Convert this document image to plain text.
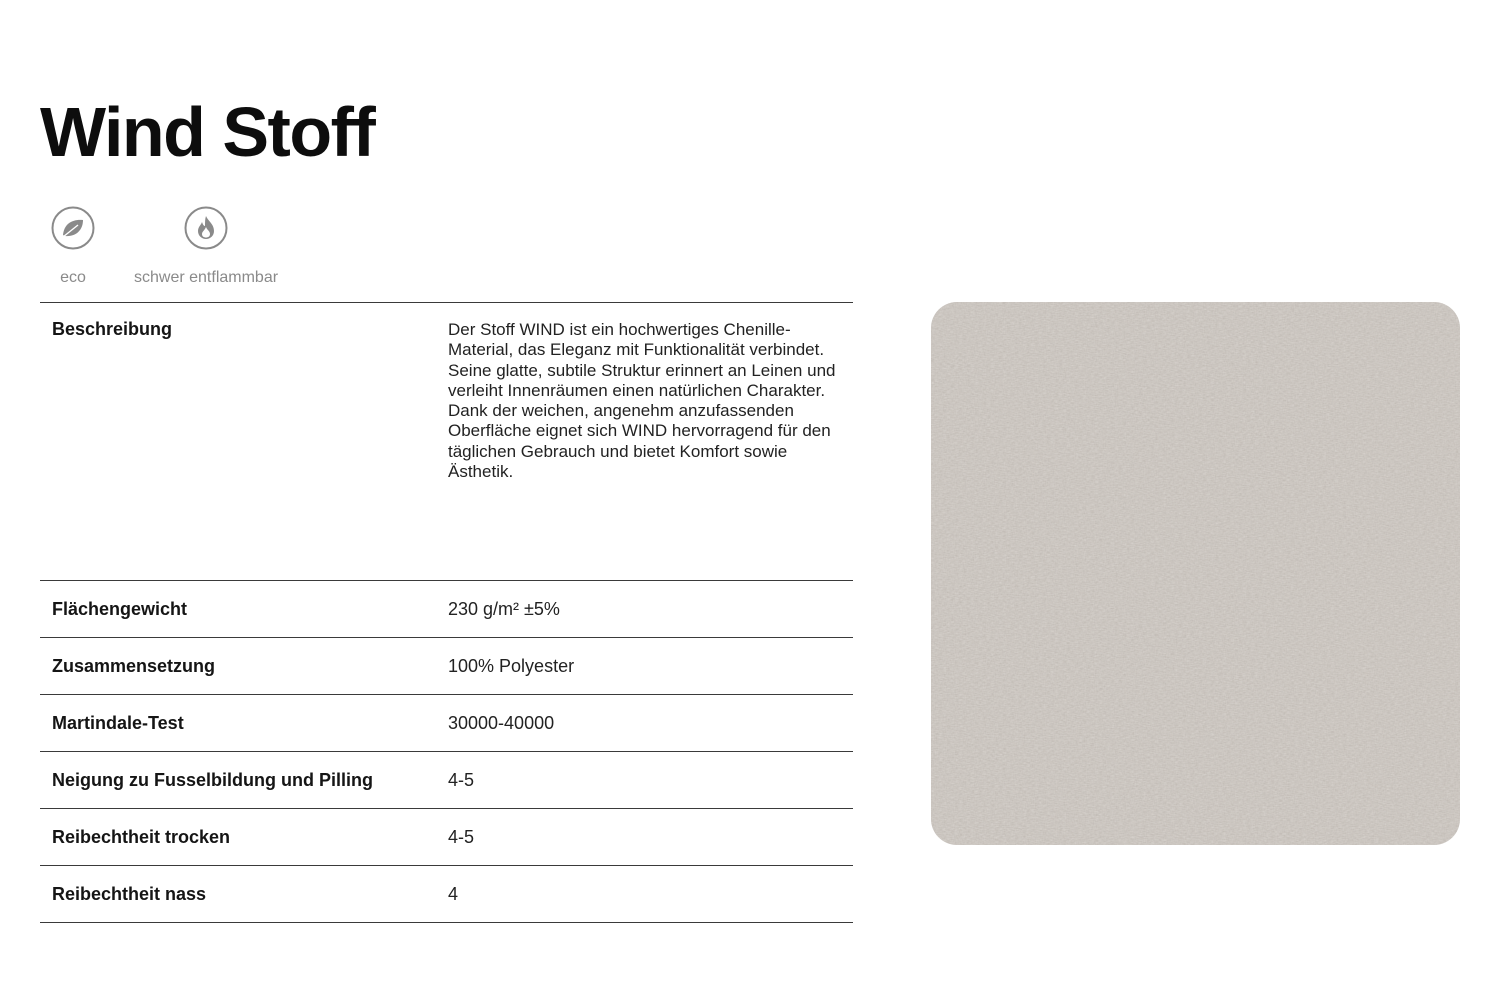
Wind Stoff
eco	schwer entflammbar
Beschreibung	Der Stoff WIND ist ein hochwertiges Chenille-Material, das Eleganz mit Funktionalität verbindet. Seine glatte, subtile Struktur erinnert an Leinen und verleiht Innenräumen einen natürlichen Charakter. Dank der weichen, angenehm anzufassenden Oberfläche eignet sich WIND hervorragend für den täglichen Gebrauch und bietet Komfort sowie Ästhetik.
Flächengewicht	230 g/m² ±5%
Zusammensetzung	100% Polyester
Martindale-Test	30000-40000
Neigung zu Fusselbildung und Pilling	4-5
Reibechtheit trocken	4-5
Reibechtheit nass	4
